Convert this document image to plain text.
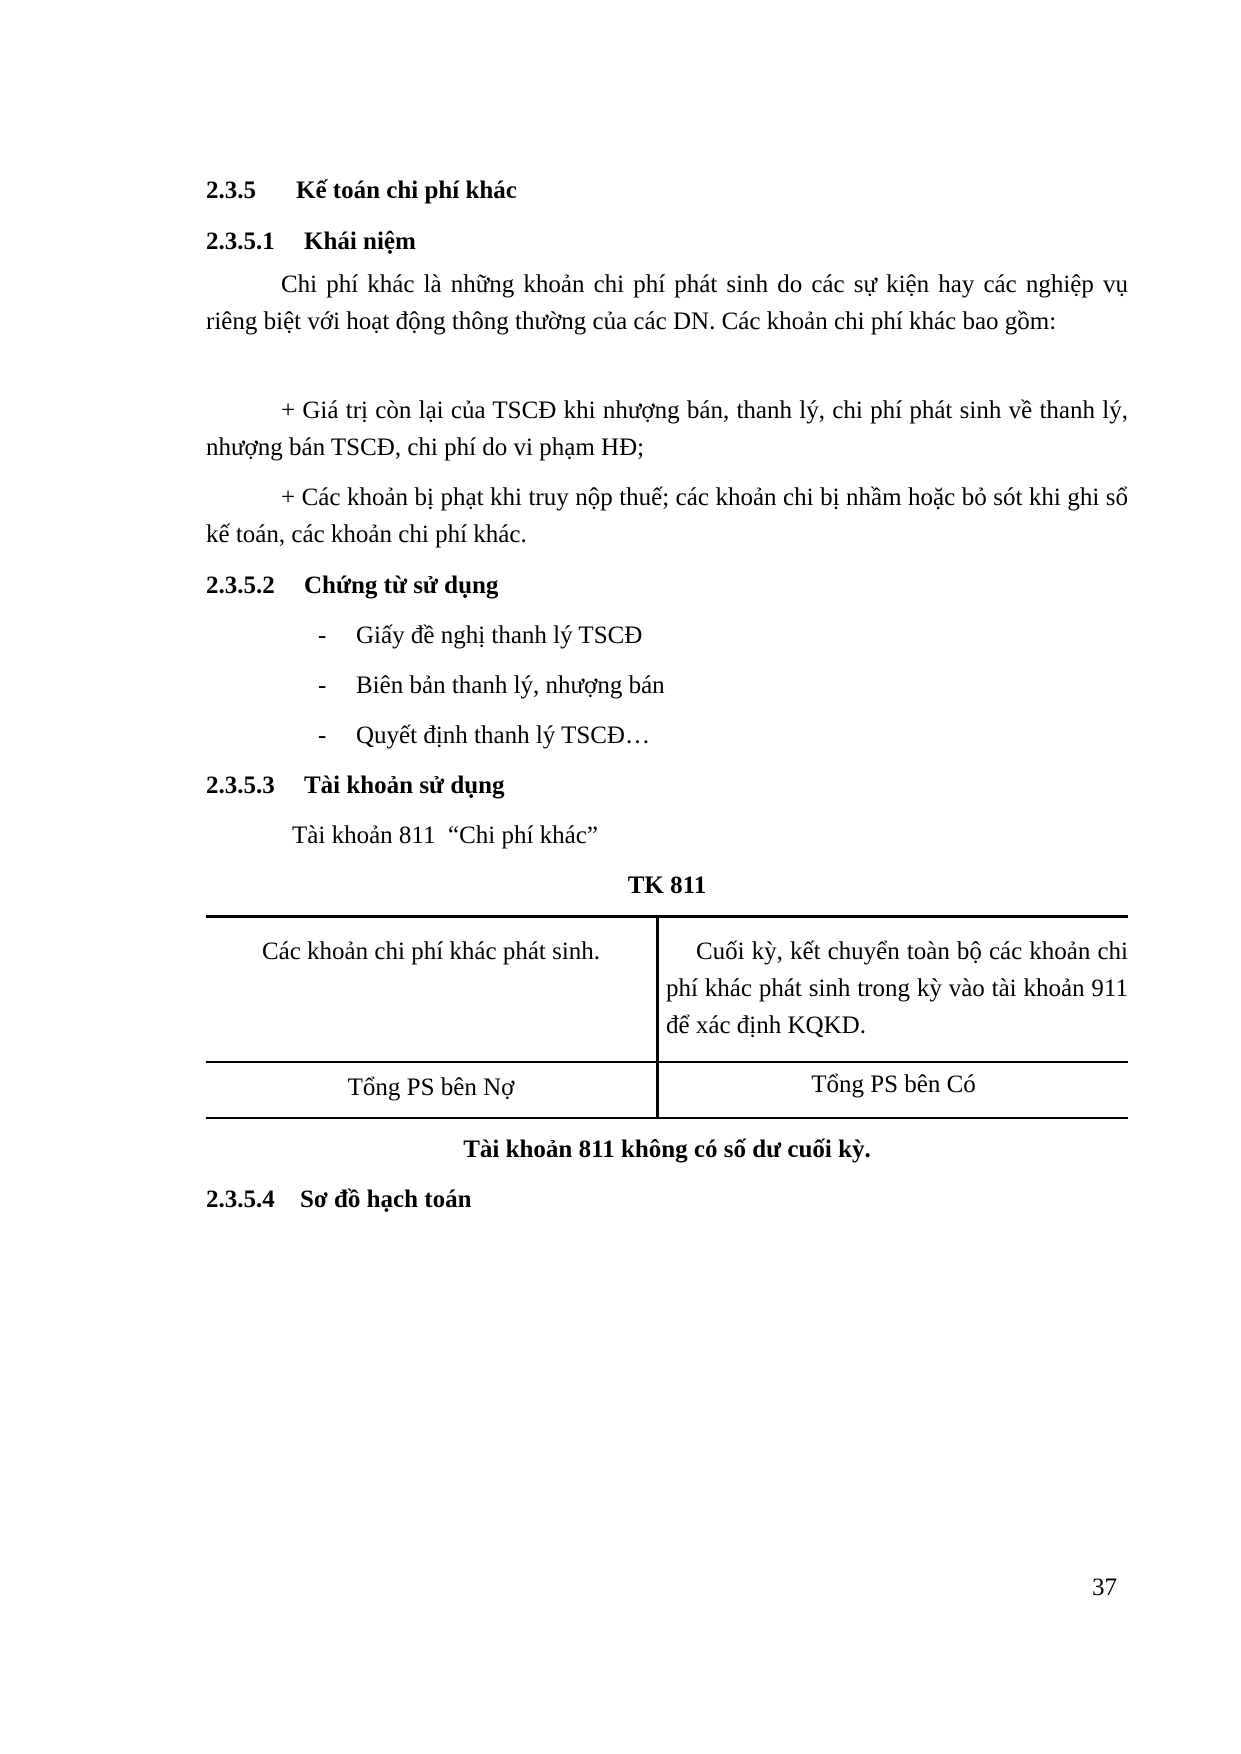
2.3.5 Kế toán chi phí khác
2.3.5.1 Khái niệm
Chi phí khác là những khoản chi phí phát sinh do các sự kiện hay các nghiệp vụ riêng biệt với hoạt động thông thường của các DN. Các khoản chi phí khác bao gồm:
+ Giá trị còn lại của TSCĐ khi nhượng bán, thanh lý, chi phí phát sinh về thanh lý, nhượng bán TSCĐ, chi phí do vi phạm HĐ;
+ Các khoản bị phạt khi truy nộp thuế; các khoản chi bị nhầm hoặc bỏ sót khi ghi sổ kế toán, các khoản chi phí khác.
2.3.5.2 Chứng từ sử dụng
- Giấy đề nghị thanh lý TSCĐ
- Biên bản thanh lý, nhượng bán
- Quyết định thanh lý TSCĐ…
2.3.5.3 Tài khoản sử dụng
Tài khoản 811  “Chi phí khác”
TK 811
Các khoản chi phí khác phát sinh.	Cuối kỳ, kết chuyển toàn bộ các khoản chi phí khác phát sinh trong kỳ vào tài khoản 911 để xác định KQKD.
Tổng PS bên Nợ	Tổng PS bên Có
Tài khoản 811 không có số dư cuối kỳ.
2.3.5.4 Sơ đồ hạch toán
37
